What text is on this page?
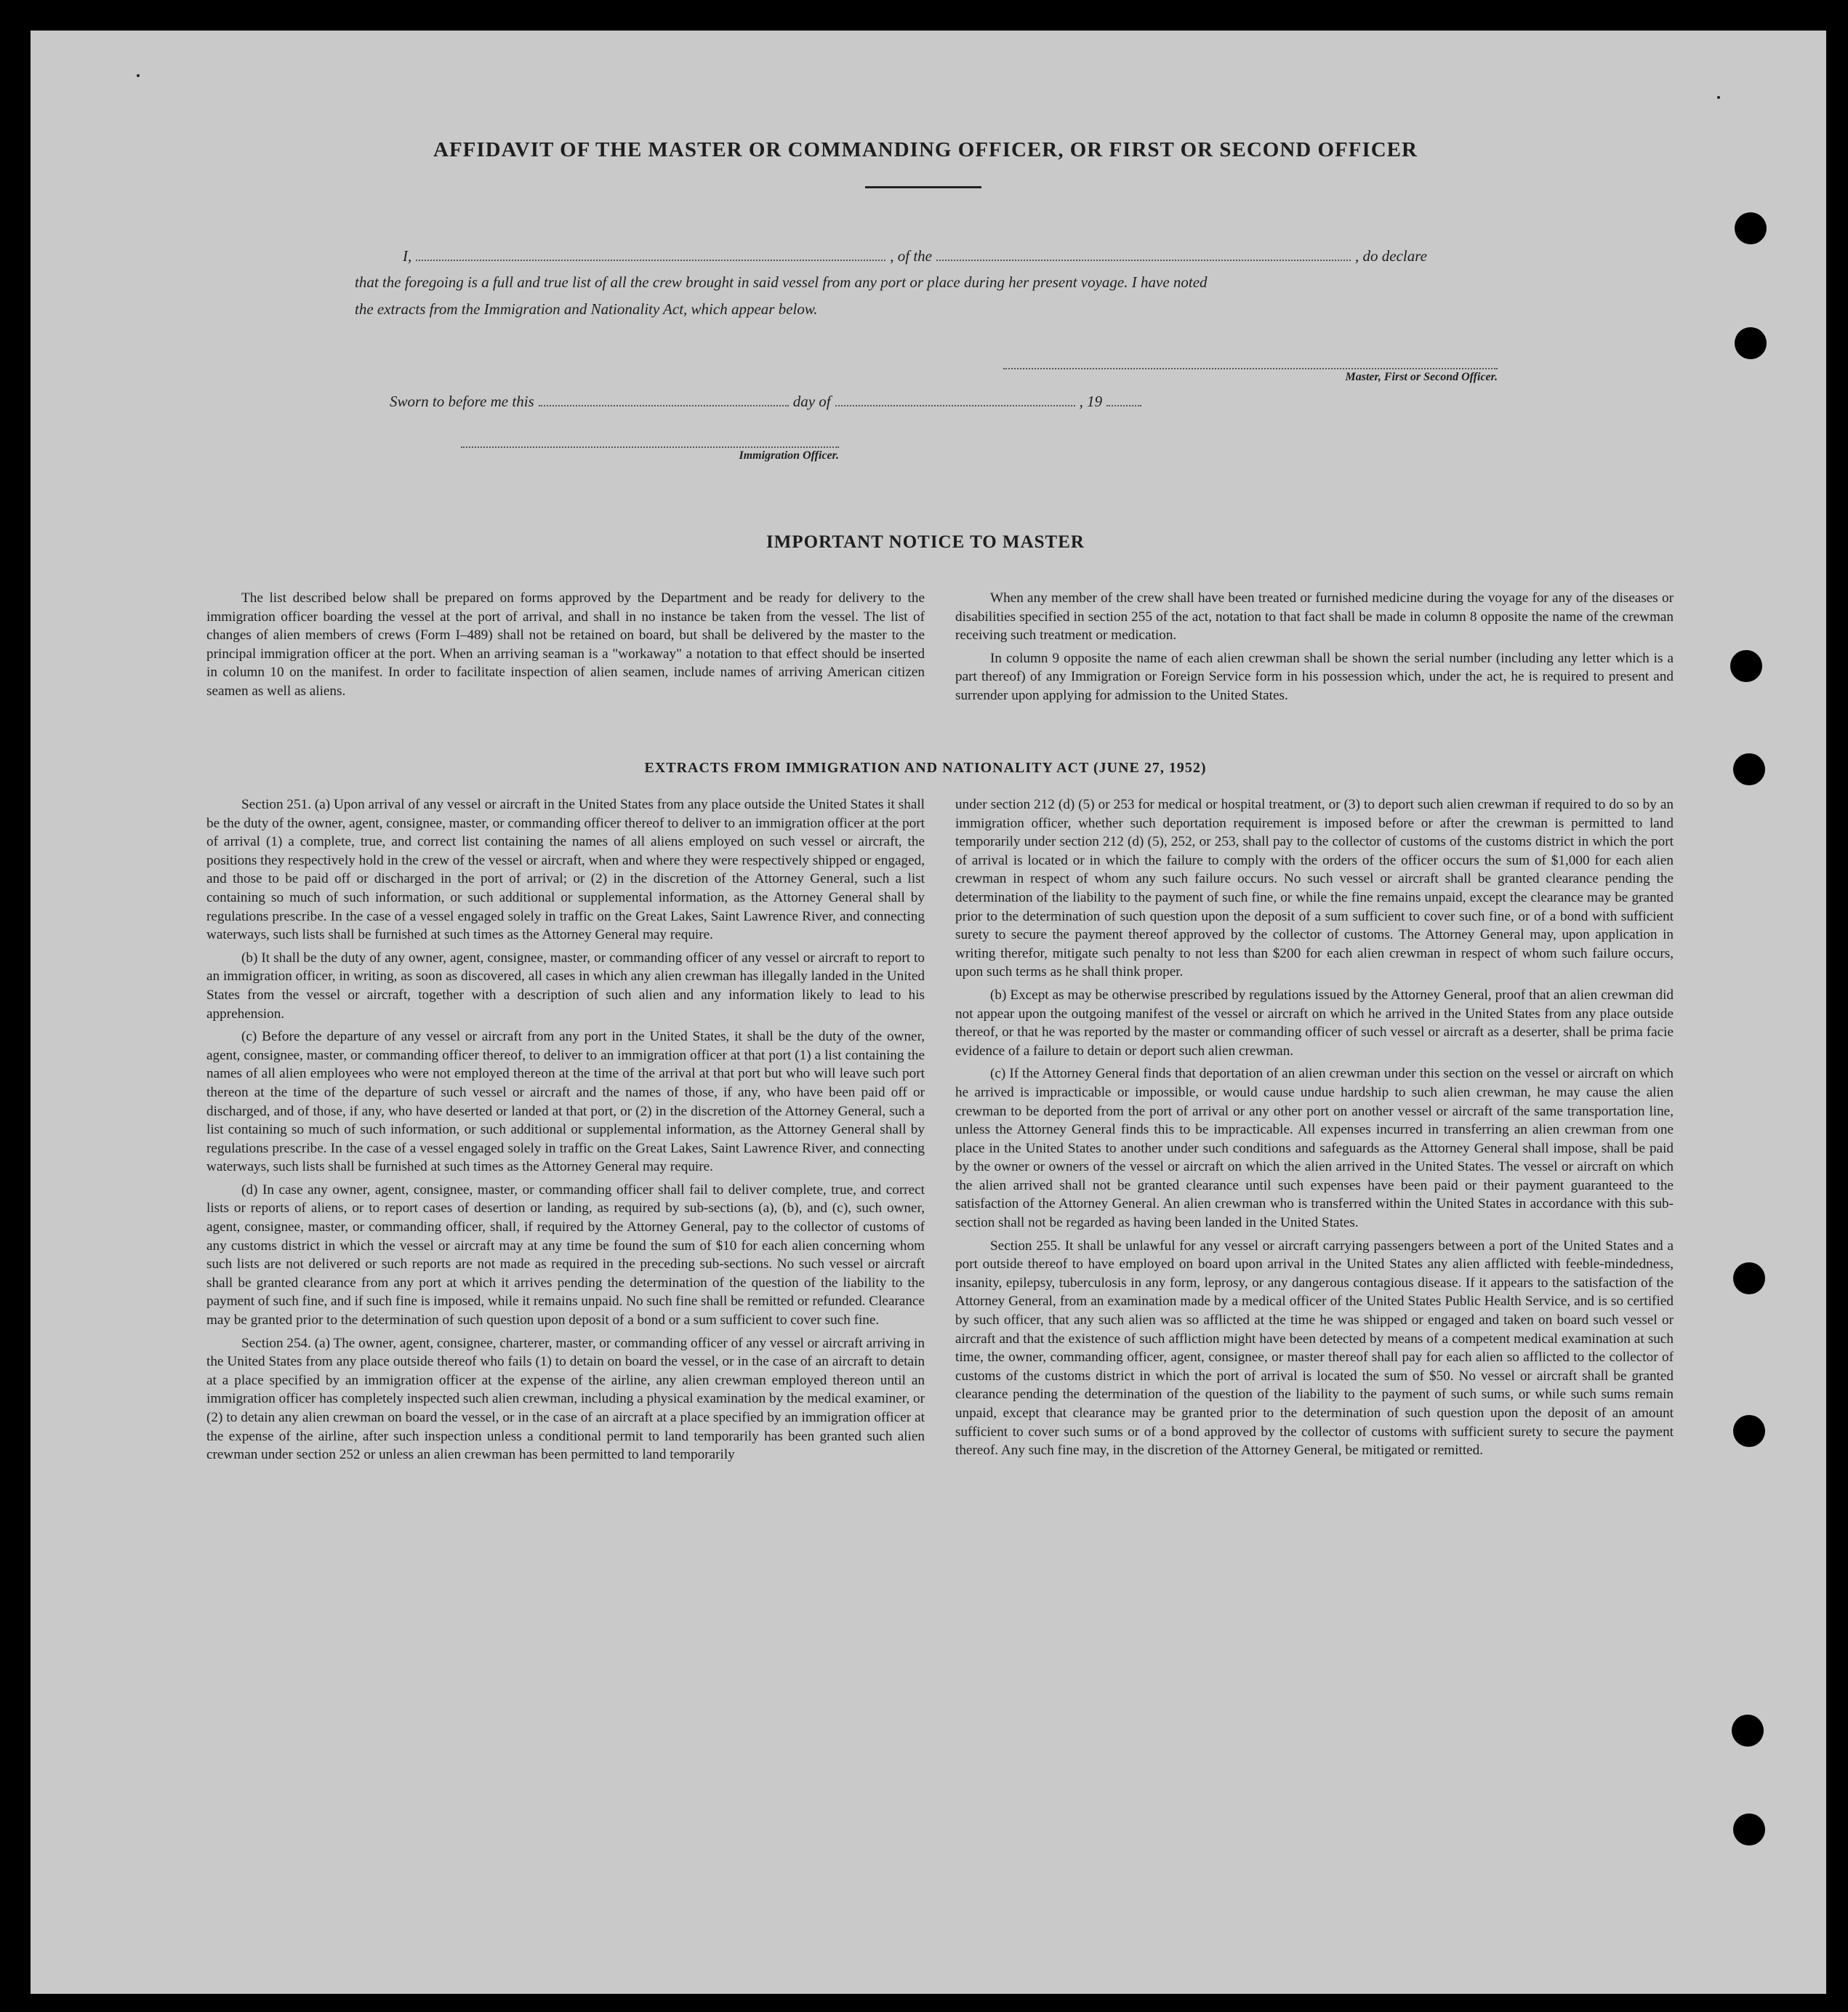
AFFIDAVIT OF THE MASTER OR COMMANDING OFFICER, OR FIRST OR SECOND OFFICER
I,	, of the	, do declare
that the foregoing is a full and true list of all the crew brought in said vessel from any port or place during her present voyage. I have noted
the extracts from the Immigration and Nationality Act, which appear below.
Master, First or Second Officer.
Sworn to before me this	day of	, 19
Immigration Officer.
IMPORTANT NOTICE TO MASTER

The list described below shall be prepared on forms approved by the Department and be ready for delivery to the immigration officer boarding the vessel at the port of arrival, and shall in no instance be taken from the vessel. The list of changes of alien members of crews (Form I–489) shall not be retained on board, but shall be delivered by the master to the principal immigration officer at the port. When an arriving seaman is a "workaway" a notation to that effect should be inserted in column 10 on the manifest. In order to facilitate inspection of alien seamen, include names of arriving American citizen seamen as well as aliens.

When any member of the crew shall have been treated or furnished medicine during the voyage for any of the diseases or disabilities specified in section 255 of the act, notation to that fact shall be made in column 8 opposite the name of the crewman receiving such treatment or medication.

In column 9 opposite the name of each alien crewman shall be shown the serial number (including any letter which is a part thereof) of any Immigration or Foreign Service form in his possession which, under the act, he is required to present and surrender upon applying for admission to the United States.

EXTRACTS FROM IMMIGRATION AND NATIONALITY ACT (JUNE 27, 1952)

Section 251. (a) Upon arrival of any vessel or aircraft in the United States from any place outside the United States it shall be the duty of the owner, agent, consignee, master, or commanding officer thereof to deliver to an immigration officer at the port of arrival (1) a complete, true, and correct list containing the names of all aliens employed on such vessel or aircraft, the positions they respectively hold in the crew of the vessel or aircraft, when and where they were respectively shipped or engaged, and those to be paid off or discharged in the port of arrival; or (2) in the discretion of the Attorney General, such a list containing so much of such information, or such additional or supplemental information, as the Attorney General shall by regulations prescribe. In the case of a vessel engaged solely in traffic on the Great Lakes, Saint Lawrence River, and connecting waterways, such lists shall be furnished at such times as the Attorney General may require.

(b) It shall be the duty of any owner, agent, consignee, master, or commanding officer of any vessel or aircraft to report to an immigration officer, in writing, as soon as discovered, all cases in which any alien crewman has illegally landed in the United States from the vessel or aircraft, together with a description of such alien and any information likely to lead to his apprehension.

(c) Before the departure of any vessel or aircraft from any port in the United States, it shall be the duty of the owner, agent, consignee, master, or commanding officer thereof, to deliver to an immigration officer at that port (1) a list containing the names of all alien employees who were not employed thereon at the time of the arrival at that port but who will leave such port thereon at the time of the departure of such vessel or aircraft and the names of those, if any, who have been paid off or discharged, and of those, if any, who have deserted or landed at that port, or (2) in the discretion of the Attorney General, such a list containing so much of such information, or such additional or supplemental information, as the Attorney General shall by regulations prescribe. In the case of a vessel engaged solely in traffic on the Great Lakes, Saint Lawrence River, and connecting waterways, such lists shall be furnished at such times as the Attorney General may require.

(d) In case any owner, agent, consignee, master, or commanding officer shall fail to deliver complete, true, and correct lists or reports of aliens, or to report cases of desertion or landing, as required by sub-sections (a), (b), and (c), such owner, agent, consignee, master, or commanding officer, shall, if required by the Attorney General, pay to the collector of customs of any customs district in which the vessel or aircraft may at any time be found the sum of $10 for each alien concerning whom such lists are not delivered or such reports are not made as required in the preceding sub-sections. No such vessel or aircraft shall be granted clearance from any port at which it arrives pending the determination of the question of the liability to the payment of such fine, and if such fine is imposed, while it remains unpaid. No such fine shall be remitted or refunded. Clearance may be granted prior to the determination of such question upon deposit of a bond or a sum sufficient to cover such fine.

Section 254. (a) The owner, agent, consignee, charterer, master, or commanding officer of any vessel or aircraft arriving in the United States from any place outside thereof who fails (1) to detain on board the vessel, or in the case of an aircraft to detain at a place specified by an immigration officer at the expense of the airline, any alien crewman employed thereon until an immigration officer has completely inspected such alien crewman, including a physical examination by the medical examiner, or (2) to detain any alien crewman on board the vessel, or in the case of an aircraft at a place specified by an immigration officer at the expense of the airline, after such inspection unless a conditional permit to land temporarily has been granted such alien crewman under section 252 or unless an alien crewman has been permitted to land temporarily

under section 212 (d) (5) or 253 for medical or hospital treatment, or (3) to deport such alien crewman if required to do so by an immigration officer, whether such deportation requirement is imposed before or after the crewman is permitted to land temporarily under section 212 (d) (5), 252, or 253, shall pay to the collector of customs of the customs district in which the port of arrival is located or in which the failure to comply with the orders of the officer occurs the sum of $1,000 for each alien crewman in respect of whom any such failure occurs. No such vessel or aircraft shall be granted clearance pending the determination of the liability to the payment of such fine, or while the fine remains unpaid, except the clearance may be granted prior to the determination of such question upon the deposit of a sum sufficient to cover such fine, or of a bond with sufficient surety to secure the payment thereof approved by the collector of customs. The Attorney General may, upon application in writing therefor, mitigate such penalty to not less than $200 for each alien crewman in respect of whom such failure occurs, upon such terms as he shall think proper.

(b) Except as may be otherwise prescribed by regulations issued by the Attorney General, proof that an alien crewman did not appear upon the outgoing manifest of the vessel or aircraft on which he arrived in the United States from any place outside thereof, or that he was reported by the master or commanding officer of such vessel or aircraft as a deserter, shall be prima facie evidence of a failure to detain or deport such alien crewman.

(c) If the Attorney General finds that deportation of an alien crewman under this section on the vessel or aircraft on which he arrived is impracticable or impossible, or would cause undue hardship to such alien crewman, he may cause the alien crewman to be deported from the port of arrival or any other port on another vessel or aircraft of the same transportation line, unless the Attorney General finds this to be impracticable. All expenses incurred in transferring an alien crewman from one place in the United States to another under such conditions and safeguards as the Attorney General shall impose, shall be paid by the owner or owners of the vessel or aircraft on which the alien arrived in the United States. The vessel or aircraft on which the alien arrived shall not be granted clearance until such expenses have been paid or their payment guaranteed to the satisfaction of the Attorney General. An alien crewman who is transferred within the United States in accordance with this sub-section shall not be regarded as having been landed in the United States.

Section 255. It shall be unlawful for any vessel or aircraft carrying passengers between a port of the United States and a port outside thereof to have employed on board upon arrival in the United States any alien afflicted with feeble-mindedness, insanity, epilepsy, tuberculosis in any form, leprosy, or any dangerous contagious disease. If it appears to the satisfaction of the Attorney General, from an examination made by a medical officer of the United States Public Health Service, and is so certified by such officer, that any such alien was so afflicted at the time he was shipped or engaged and taken on board such vessel or aircraft and that the existence of such affliction might have been detected by means of a competent medical examination at such time, the owner, commanding officer, agent, consignee, or master thereof shall pay for each alien so afflicted to the collector of customs of the customs district in which the port of arrival is located the sum of $50. No vessel or aircraft shall be granted clearance pending the determination of the question of the liability to the payment of such sums, or while such sums remain unpaid, except that clearance may be granted prior to the determination of such question upon the deposit of an amount sufficient to cover such sums or of a bond approved by the collector of customs with sufficient surety to secure the payment thereof. Any such fine may, in the discretion of the Attorney General, be mitigated or remitted.
